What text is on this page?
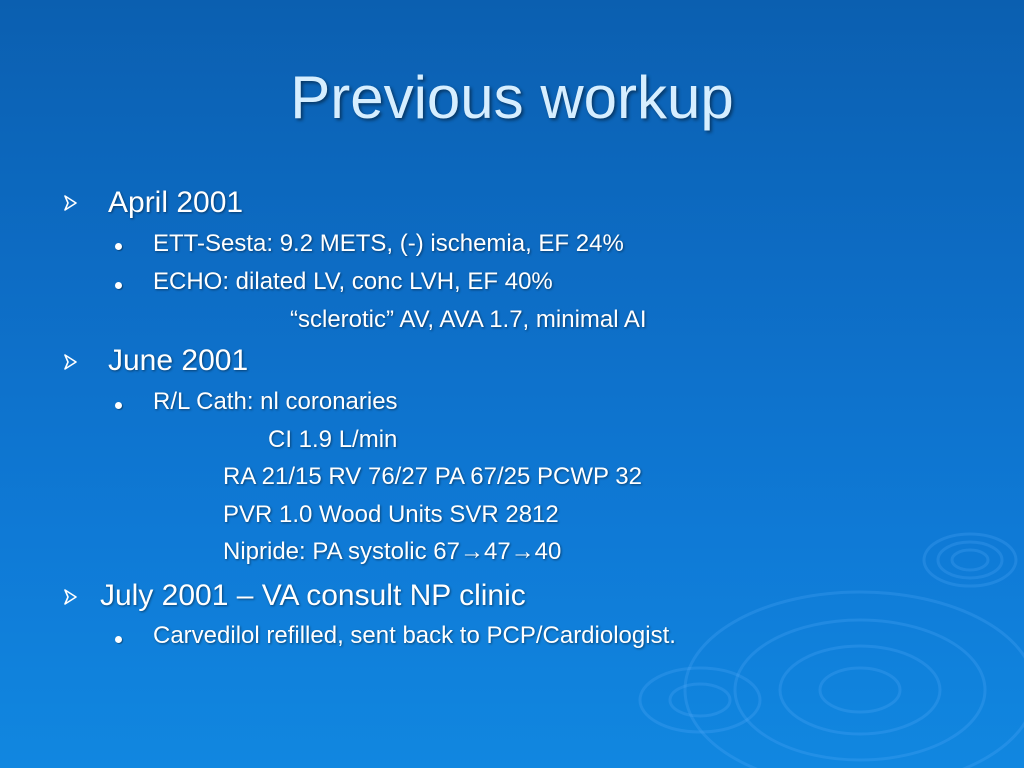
Previous workup
April 2001
ETT-Sesta: 9.2 METS, (-) ischemia, EF 24%
ECHO: dilated LV, conc LVH, EF 40%
“sclerotic” AV, AVA 1.7, minimal AI
June 2001
R/L Cath: nl coronaries
CI 1.9 L/min
RA 21/15 RV 76/27 PA 67/25 PCWP 32
PVR 1.0 Wood Units SVR 2812
Nipride: PA systolic 67→47→40
July 2001 – VA consult NP clinic
Carvedilol refilled, sent back to PCP/Cardiologist.
